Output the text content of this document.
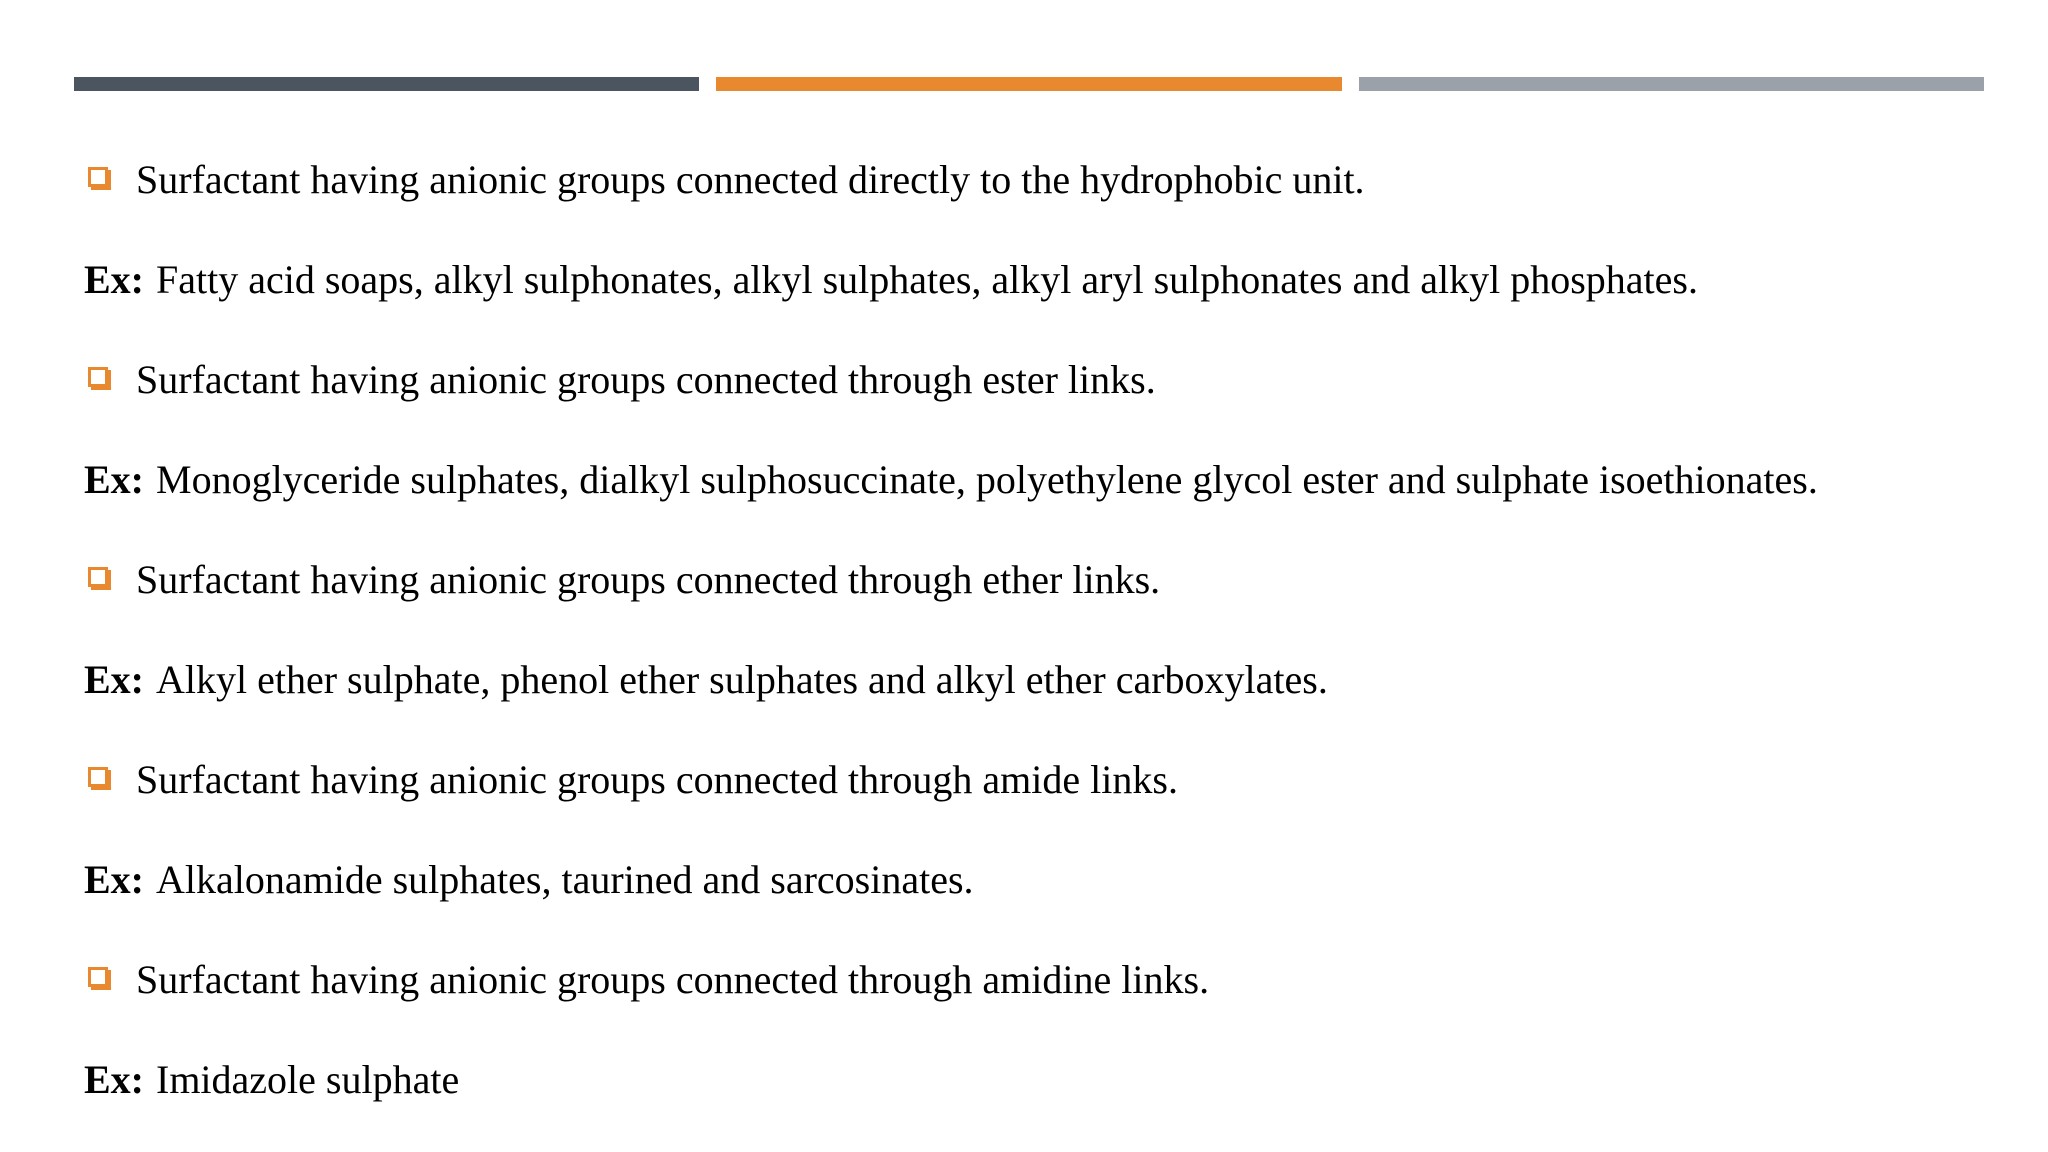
Surfactant having anionic groups connected directly to the hydrophobic unit.
Ex: Fatty acid soaps, alkyl sulphonates, alkyl sulphates, alkyl aryl sulphonates and alkyl phosphates.
Surfactant having anionic groups connected through ester links.
Ex: Monoglyceride sulphates, dialkyl sulphosuccinate, polyethylene glycol ester and sulphate isoethionates.
Surfactant having anionic groups connected through ether links.
Ex: Alkyl ether sulphate, phenol ether sulphates and alkyl ether carboxylates.
Surfactant having anionic groups connected through amide links.
Ex: Alkalonamide sulphates, taurined and sarcosinates.
Surfactant having anionic groups connected through amidine links.
Ex: Imidazole sulphate
